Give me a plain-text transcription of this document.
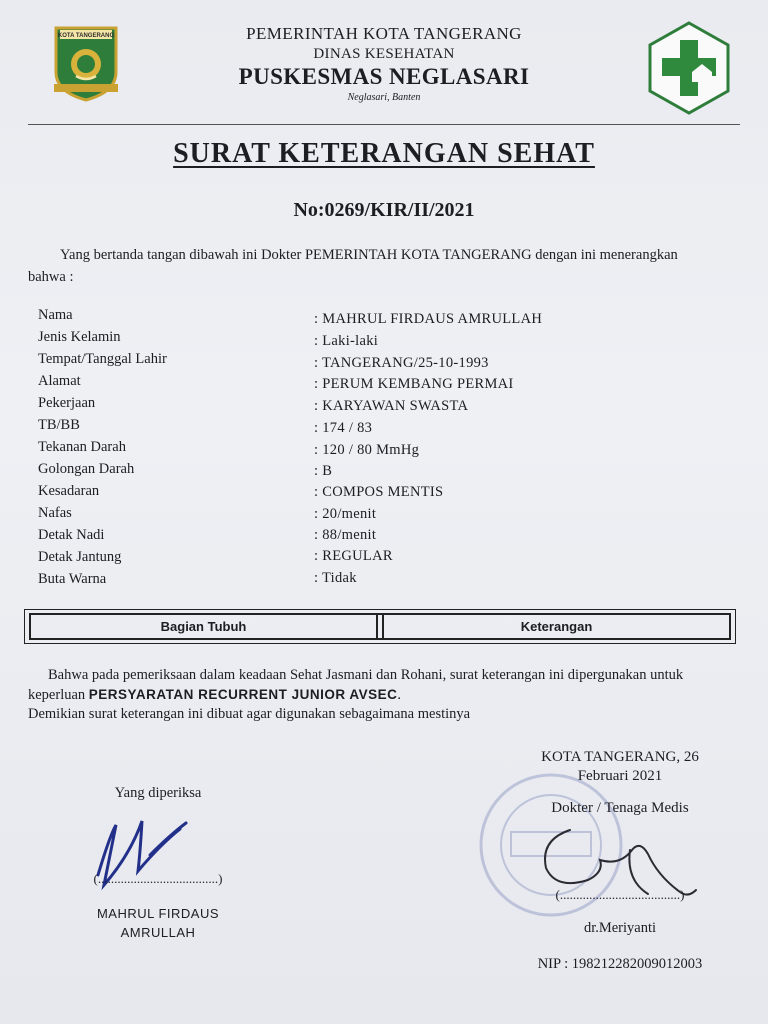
KOTA TANGERANG	PEMERINTAH KOTA TANGERANG
DINAS KESEHATAN
PUSKESMAS NEGLASARI
Neglasari, Banten
SURAT KETERANGAN SEHAT
No:0269/KIR/II/2021
Yang bertanda tangan dibawah ini Dokter PEMERINTAH KOTA TANGERANG dengan ini menerangkan bahwa :
Nama	: MAHRUL FIRDAUS AMRULLAH
Jenis Kelamin	: Laki-laki
Tempat/Tanggal Lahir	: TANGERANG/25-10-1993
Alamat	: PERUM KEMBANG PERMAI
Pekerjaan	: KARYAWAN SWASTA
TB/BB	: 174 / 83
Tekanan Darah	: 120 / 80 MmHg
Golongan Darah	: B
Kesadaran	: COMPOS MENTIS
Nafas	: 20/menit
Detak Nadi	: 88/menit
Detak Jantung	: REGULAR
Buta Warna	: Tidak
Bagian Tubuh	Keterangan
Bahwa pada pemeriksaan dalam keadaan Sehat Jasmani dan Rohani, surat keterangan ini dipergunakan untuk keperluan PERSYARATAN RECURRENT JUNIOR AVSEC.
Demikian surat keterangan ini dibuat agar digunakan sebagaimana mestinya
KOTA TANGERANG, 26 Februari 2021
Yang diperiksa
Dokter / Tenaga Medis
(.....................................)
(.....................................)
MAHRUL FIRDAUS AMRULLAH	dr.Meriyanti
NIP : 198212282009012003
